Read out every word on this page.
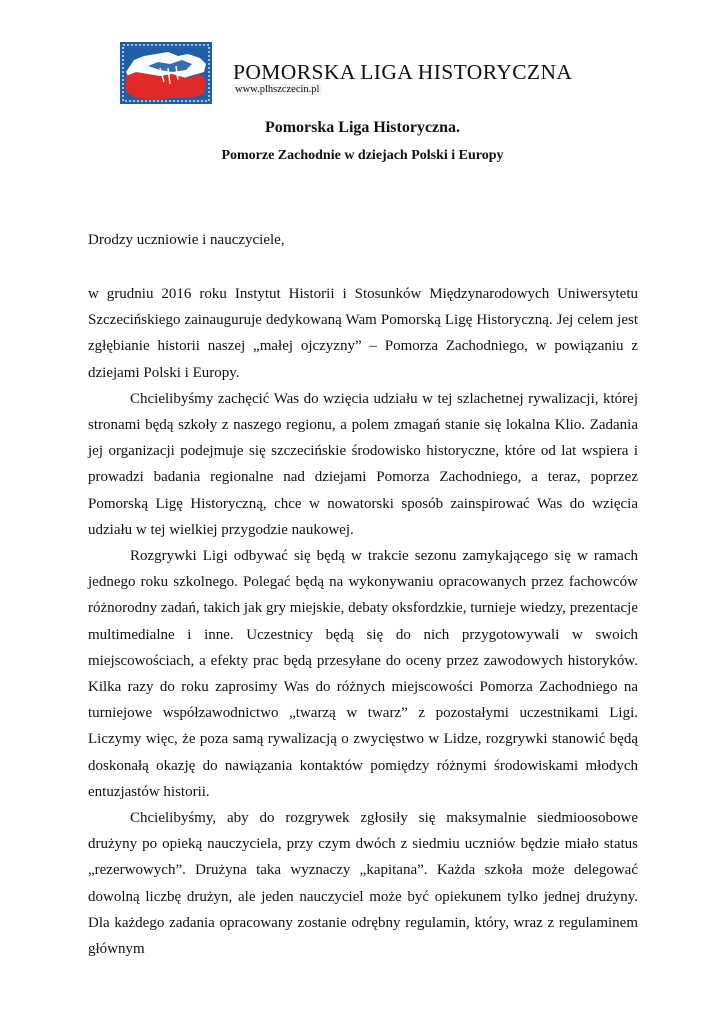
POMORSKA LIGA HISTORYCZNA
www.plhszczecin.pl
Pomorska Liga Historyczna.
Pomorze Zachodnie w dziejach Polski i Europy

Drodzy uczniowie i nauczyciele,

w grudniu 2016 roku Instytut Historii i Stosunków Międzynarodowych Uniwersytetu Szczecińskiego zainauguruje dedykowaną Wam Pomorską Ligę Historyczną. Jej celem jest zgłębianie historii naszej „małej ojczyzny” – Pomorza Zachodniego, w powiązaniu z dziejami Polski i Europy.

Chcielibyśmy zachęcić Was do wzięcia udziału w tej szlachetnej rywalizacji, której stronami będą szkoły z naszego regionu, a polem zmagań stanie się lokalna Klio. Zadania jej organizacji podejmuje się szczecińskie środowisko historyczne, które od lat wspiera i prowadzi badania regionalne nad dziejami Pomorza Zachodniego, a teraz, poprzez Pomorską Ligę Historyczną, chce w nowatorski sposób zainspirować Was do wzięcia udziału w tej wielkiej przygodzie naukowej.

Rozgrywki Ligi odbywać się będą w trakcie sezonu zamykającego się w ramach jednego roku szkolnego. Polegać będą na wykonywaniu opracowanych przez fachowców różnorodny zadań, takich jak gry miejskie, debaty oksfordzkie, turnieje wiedzy, prezentacje multimedialne i inne. Uczestnicy będą się do nich przygotowywali w swoich miejscowościach, a efekty prac będą przesyłane do oceny przez zawodowych historyków. Kilka razy do roku zaprosimy Was do różnych miejscowości Pomorza Zachodniego na turniejowe współzawodnictwo „twarzą w twarz” z pozostałymi uczestnikami Ligi. Liczymy więc, że poza samą rywalizacją o zwycięstwo w Lidze, rozgrywki stanowić będą doskonałą okazję do nawiązania kontaktów pomiędzy różnymi środowiskami młodych entuzjastów historii.

Chcielibyśmy, aby do rozgrywek zgłosiły się maksymalnie siedmioosobowe drużyny po opieką nauczyciela, przy czym dwóch z siedmiu uczniów będzie miało status „rezerwowych”. Drużyna taka wyznaczy „kapitana”. Każda szkoła może delegować dowolną liczbę drużyn, ale jeden nauczyciel może być opiekunem tylko jednej drużyny. Dla każdego zadania opracowany zostanie odrębny regulamin, który, wraz z regulaminem głównym
